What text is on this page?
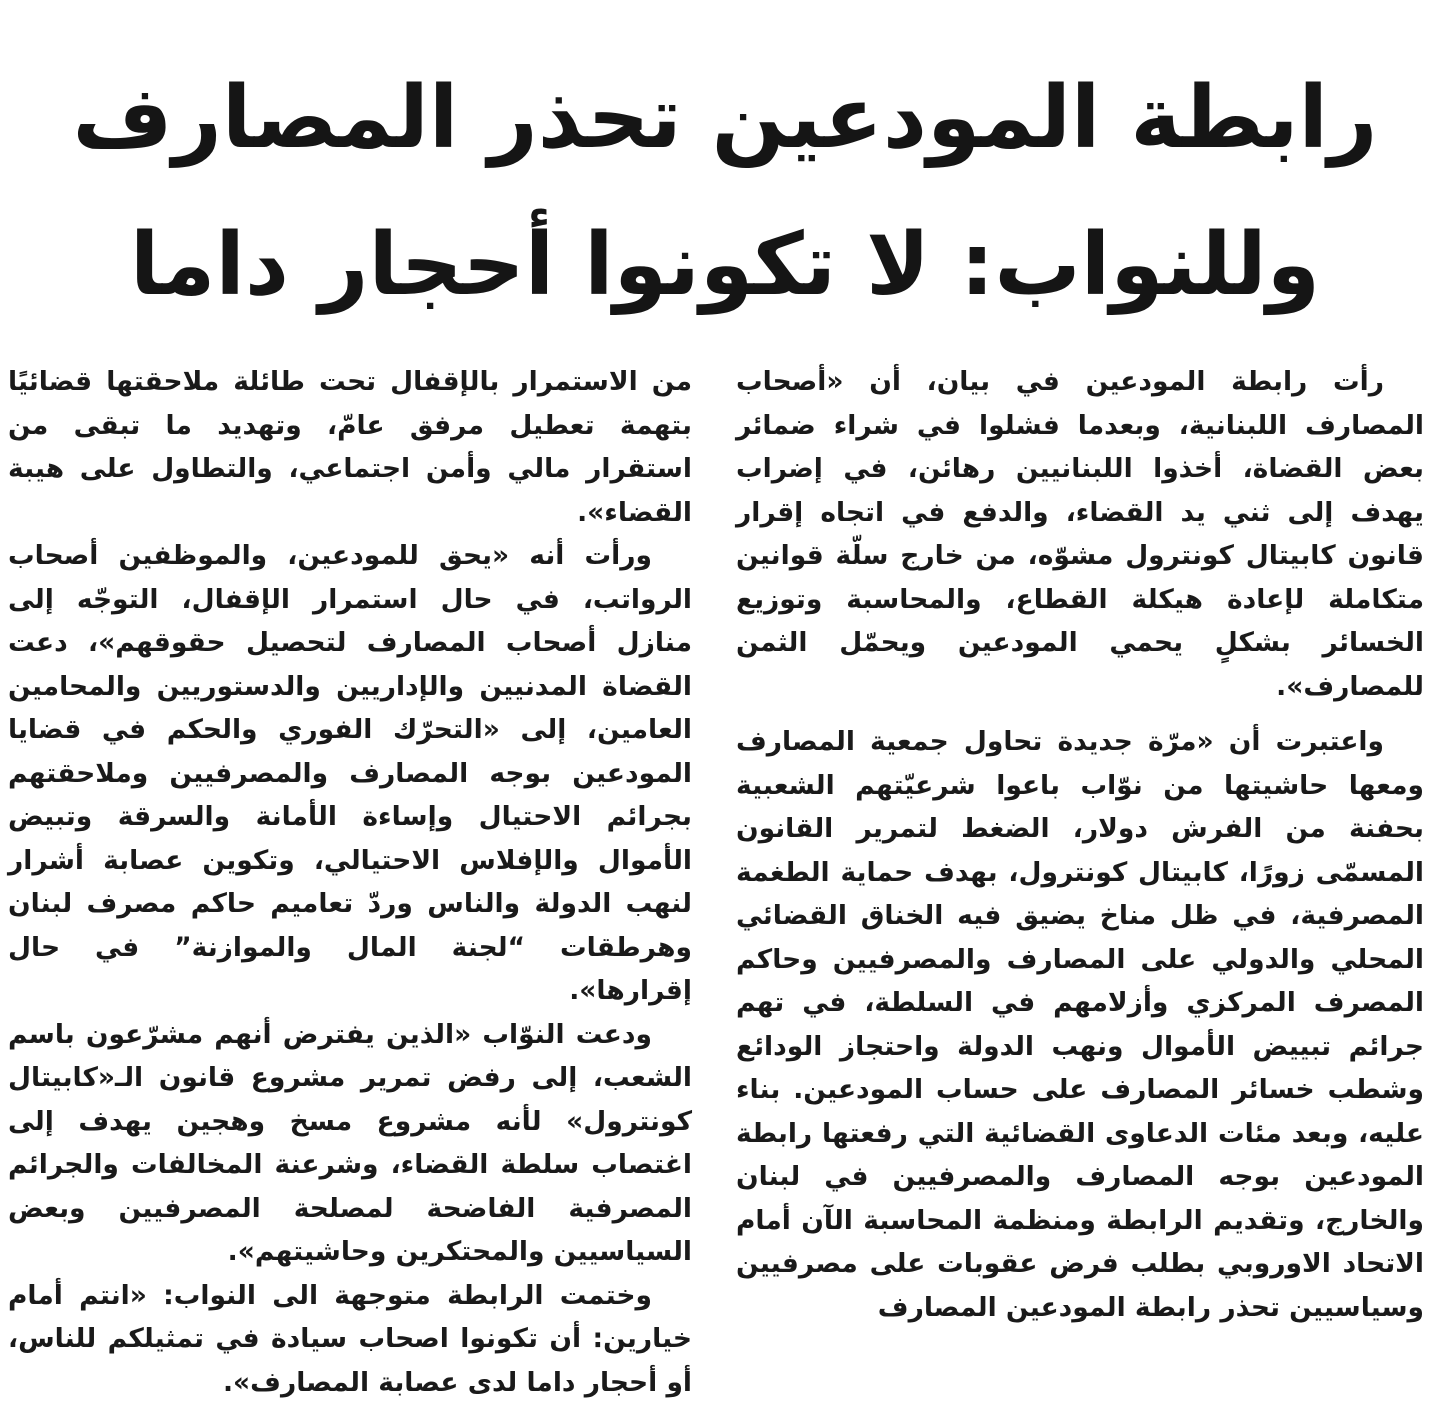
رابطة المودعين تحذر المصارف
وللنواب: لا تكونوا أحجار داما

رأت رابطة المودعين في بيان، أن «أصحاب المصارف اللبنانية، وبعدما فشلوا في شراء ضمائر بعض القضاة، أخذوا اللبنانيين رهائن، في إضراب يهدف إلى ثني يد القضاء، والدفع في اتجاه إقرار قانون كابيتال كونترول مشوّه، من خارج سلّة قوانين متكاملة لإعادة هيكلة القطاع، والمحاسبة وتوزيع الخسائر بشكلٍ يحمي المودعين ويحمّل الثمن للمصارف».

واعتبرت أن «مرّة جديدة تحاول جمعية المصارف ومعها حاشيتها من نوّاب باعوا شرعيّتهم الشعبية بحفنة من الفرش دولار، الضغط لتمرير القانون المسمّى زورًا، كابيتال كونترول، بهدف حماية الطغمة المصرفية، في ظل مناخ يضيق فيه الخناق القضائي المحلي والدولي على المصارف والمصرفيين وحاكم المصرف المركزي وأزلامهم في السلطة، في تهم جرائم تبييض الأموال ونهب الدولة واحتجاز الودائع وشطب خسائر المصارف على حساب المودعين. بناء عليه، وبعد مئات الدعاوى القضائية التي رفعتها رابطة المودعين بوجه المصارف والمصرفيين في لبنان والخارج، وتقديم الرابطة ومنظمة المحاسبة الآن أمام الاتحاد الاوروبي بطلب فرض عقوبات على مصرفيين وسياسيين تحذر رابطة المودعين المصارف

من الاستمرار بالإقفال تحت طائلة ملاحقتها قضائيًا بتهمة تعطيل مرفق عامّ، وتهديد ما تبقى من استقرار مالي وأمن اجتماعي، والتطاول على هيبة القضاء».

ورأت أنه «يحق للمودعين، والموظفين أصحاب الرواتب، في حال استمرار الإقفال، التوجّه إلى منازل أصحاب المصارف لتحصيل حقوقهم»، دعت القضاة المدنيين والإداريين والدستوريين والمحامين العامين، إلى «التحرّك الفوري والحكم في قضايا المودعين بوجه المصارف والمصرفيين وملاحقتهم بجرائم الاحتيال وإساءة الأمانة والسرقة وتبيض الأموال والإفلاس الاحتيالي، وتكوين عصابة أشرار لنهب الدولة والناس وردّ تعاميم حاكم مصرف لبنان وهرطقات “لجنة المال والموازنة” في حال إقرارها».

ودعت النوّاب «الذين يفترض أنهم مشرّعون باسم الشعب، إلى رفض تمرير مشروع قانون الـ«كابيتال كونترول» لأنه مشروع مسخ وهجين يهدف إلى اغتصاب سلطة القضاء، وشرعنة المخالفات والجرائم المصرفية الفاضحة لمصلحة المصرفيين وبعض السياسيين والمحتكرين وحاشيتهم».

وختمت الرابطة متوجهة الى النواب: «انتم أمام خيارين: أن تكونوا اصحاب سيادة في تمثيلكم للناس، أو أحجار داما لدى عصابة المصارف».
